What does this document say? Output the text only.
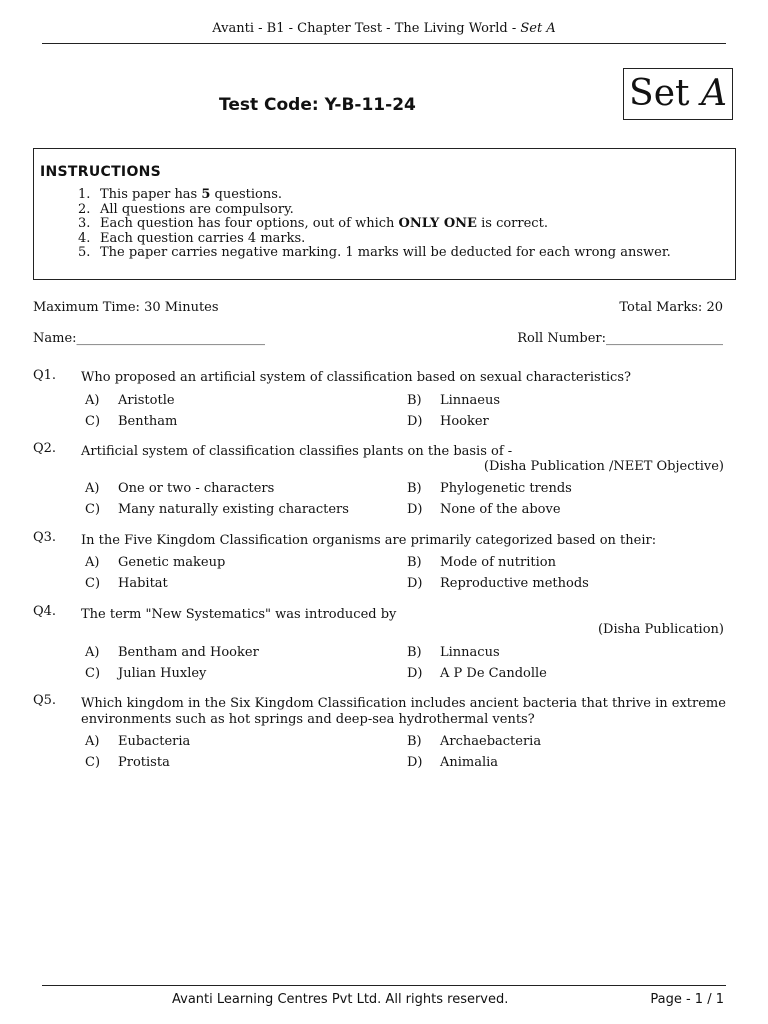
Avanti - B1 - Chapter Test - The Living World - Set A
Set A
Test Code: Y-B-11-24
INSTRUCTIONS
1. This paper has 5 questions.
2. All questions are compulsory.
3. Each question has four options, out of which ONLY ONE is correct.
4. Each question carries 4 marks.
5. The paper carries negative marking. 1 marks will be deducted for each wrong answer.
Maximum Time: 30 Minutes	Total Marks: 20
Name:_____________________________	Roll Number:__________________
Q1. Who proposed an artificial system of classification based on sexual characteristics?
A)	Aristotle	B)	Linnaeus
C)	Bentham	D)	Hooker
Q2. Artificial system of classification classifies plants on the basis of -
(Disha Publication /NEET Objective)
A)	One or two - characters	B)	Phylogenetic trends
C)	Many naturally existing characters	D)	None of the above
Q3. In the Five Kingdom Classification organisms are primarily categorized based on their:
A)	Genetic makeup	B)	Mode of nutrition
C)	Habitat	D)	Reproductive methods
Q4. The term "New Systematics" was introduced by
(Disha Publication)
A)	Bentham and Hooker	B)	Linnacus
C)	Julian Huxley	D)	A P De Candolle
Q5. Which kingdom in the Six Kingdom Classification includes ancient bacteria that thrive in extreme environments such as hot springs and deep-sea hydrothermal vents?
A)	Eubacteria	B)	Archaebacteria
C)	Protista	D)	Animalia
Avanti Learning Centres Pvt Ltd. All rights reserved.	Page - 1 / 1
